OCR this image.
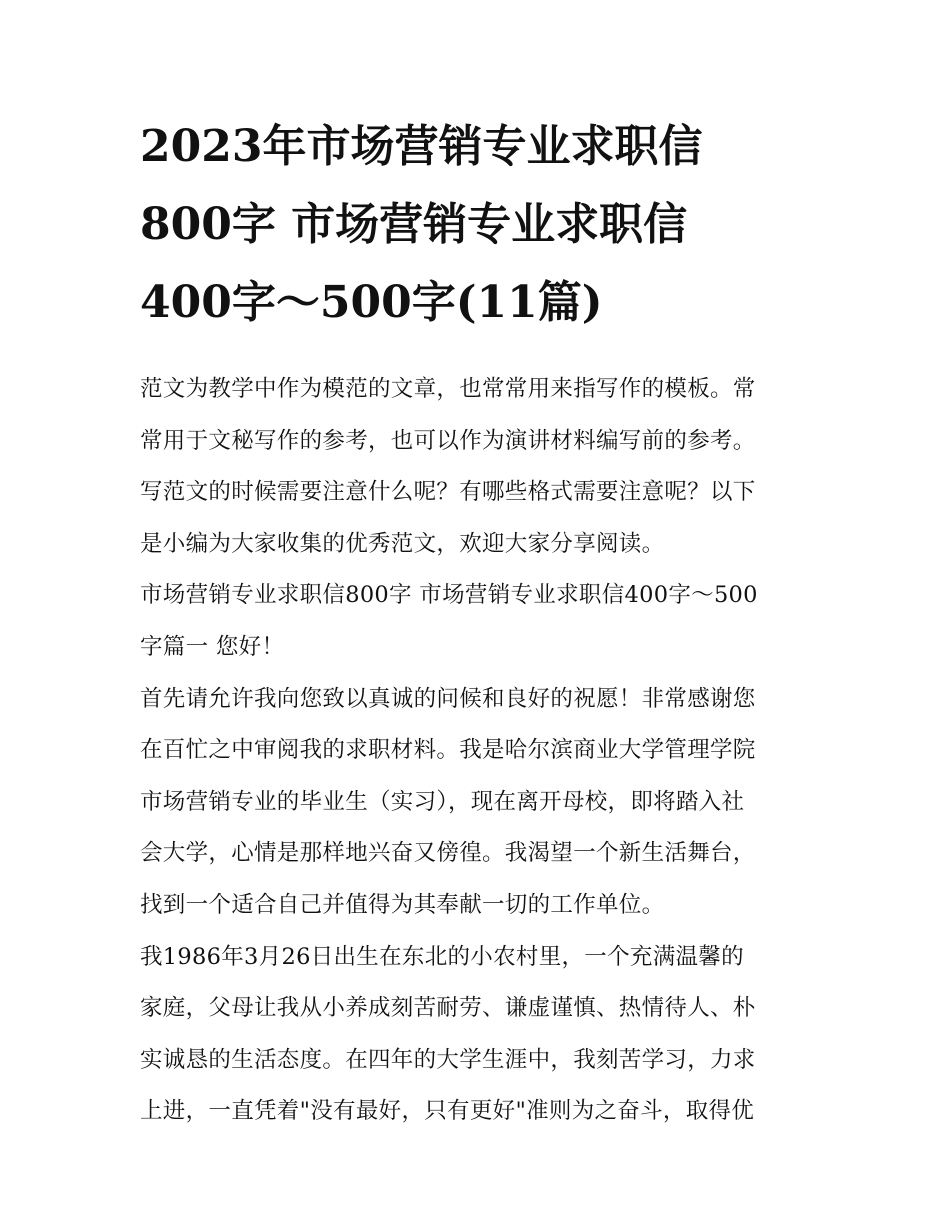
2023年市场营销专业求职信
800字 市场营销专业求职信
400字～500字(11篇)
范文为教学中作为模范的文章，也常常用来指写作的模板。常
常用于文秘写作的参考，也可以作为演讲材料编写前的参考。
写范文的时候需要注意什么呢？有哪些格式需要注意呢？以下
是小编为大家收集的优秀范文，欢迎大家分享阅读。
市场营销专业求职信800字 市场营销专业求职信400字～500
字篇一 您好！
首先请允许我向您致以真诚的问候和良好的祝愿！非常感谢您
在百忙之中审阅我的求职材料。我是哈尔滨商业大学管理学院
市场营销专业的毕业生（实习），现在离开母校，即将踏入社
会大学，心情是那样地兴奋又傍徨。我渴望一个新生活舞台，
找到一个适合自己并值得为其奉献一切的工作单位。
我1986年3月26日出生在东北的小农村里，一个充满温馨的
家庭，父母让我从小养成刻苦耐劳、谦虚谨慎、热情待人、朴
实诚恳的生活态度。在四年的大学生涯中，我刻苦学习，力求
上进，一直凭着"没有最好，只有更好"准则为之奋斗，取得优
